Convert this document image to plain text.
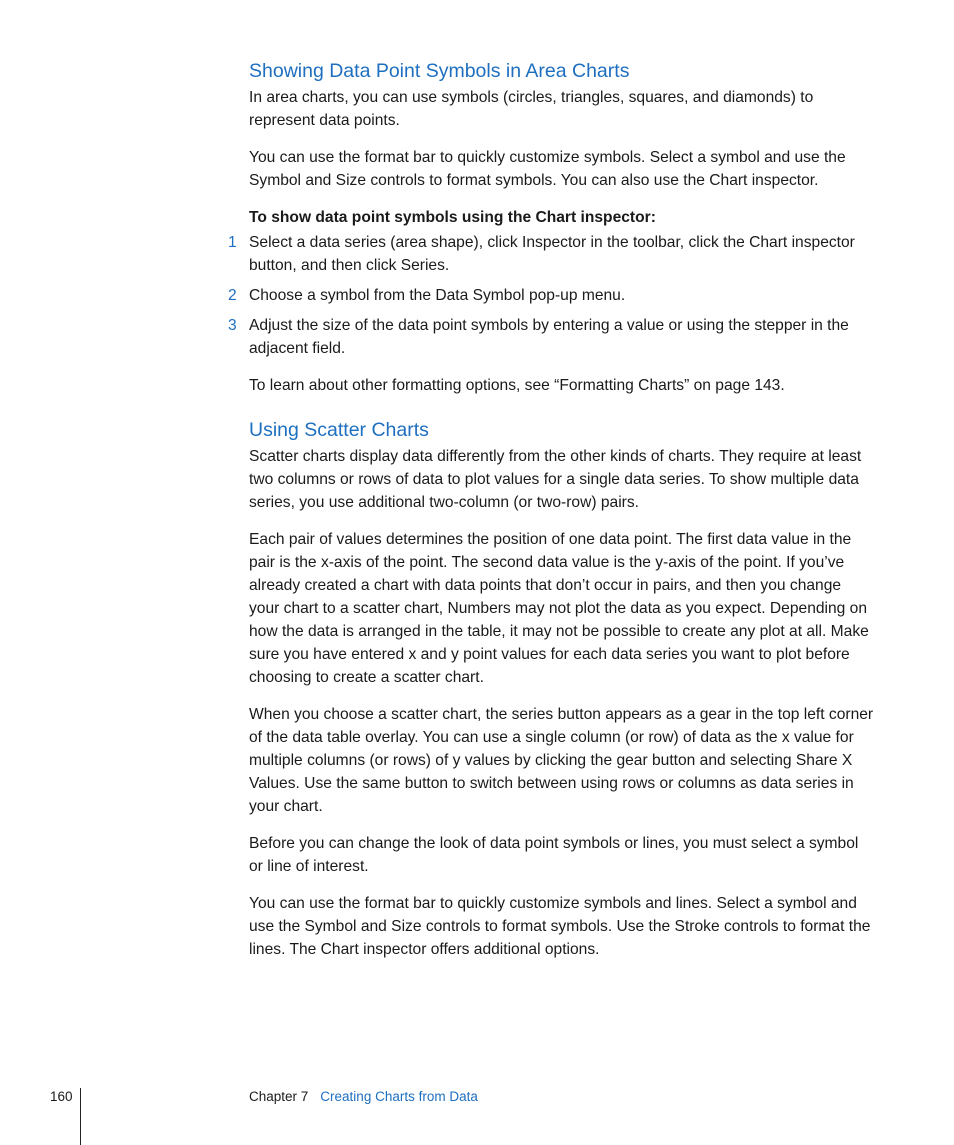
Showing Data Point Symbols in Area Charts

In area charts, you can use symbols (circles, triangles, squares, and diamonds) to represent data points.

You can use the format bar to quickly customize symbols. Select a symbol and use the Symbol and Size controls to format symbols. You can also use the Chart inspector.

To show data point symbols using the Chart inspector:

1 Select a data series (area shape), click Inspector in the toolbar, click the Chart inspector button, and then click Series.
2 Choose a symbol from the Data Symbol pop-up menu.
3 Adjust the size of the data point symbols by entering a value or using the stepper in the adjacent field.

To learn about other formatting options, see “Formatting Charts” on page 143.

Using Scatter Charts

Scatter charts display data differently from the other kinds of charts. They require at least two columns or rows of data to plot values for a single data series. To show multiple data series, you use additional two-column (or two-row) pairs.

Each pair of values determines the position of one data point. The first data value in the pair is the x-axis of the point. The second data value is the y-axis of the point. If you’ve already created a chart with data points that don’t occur in pairs, and then you change your chart to a scatter chart, Numbers may not plot the data as you expect. Depending on how the data is arranged in the table, it may not be possible to create any plot at all. Make sure you have entered x and y point values for each data series you want to plot before choosing to create a scatter chart.

When you choose a scatter chart, the series button appears as a gear in the top left corner of the data table overlay. You can use a single column (or row) of data as the x value for multiple columns (or rows) of y values by clicking the gear button and selecting Share X Values. Use the same button to switch between using rows or columns as data series in your chart.

Before you can change the look of data point symbols or lines, you must select a symbol or line of interest.

You can use the format bar to quickly customize symbols and lines. Select a symbol and use the Symbol and Size controls to format symbols. Use the Stroke controls to format the lines. The Chart inspector offers additional options.

160	Chapter 7 Creating Charts from Data
